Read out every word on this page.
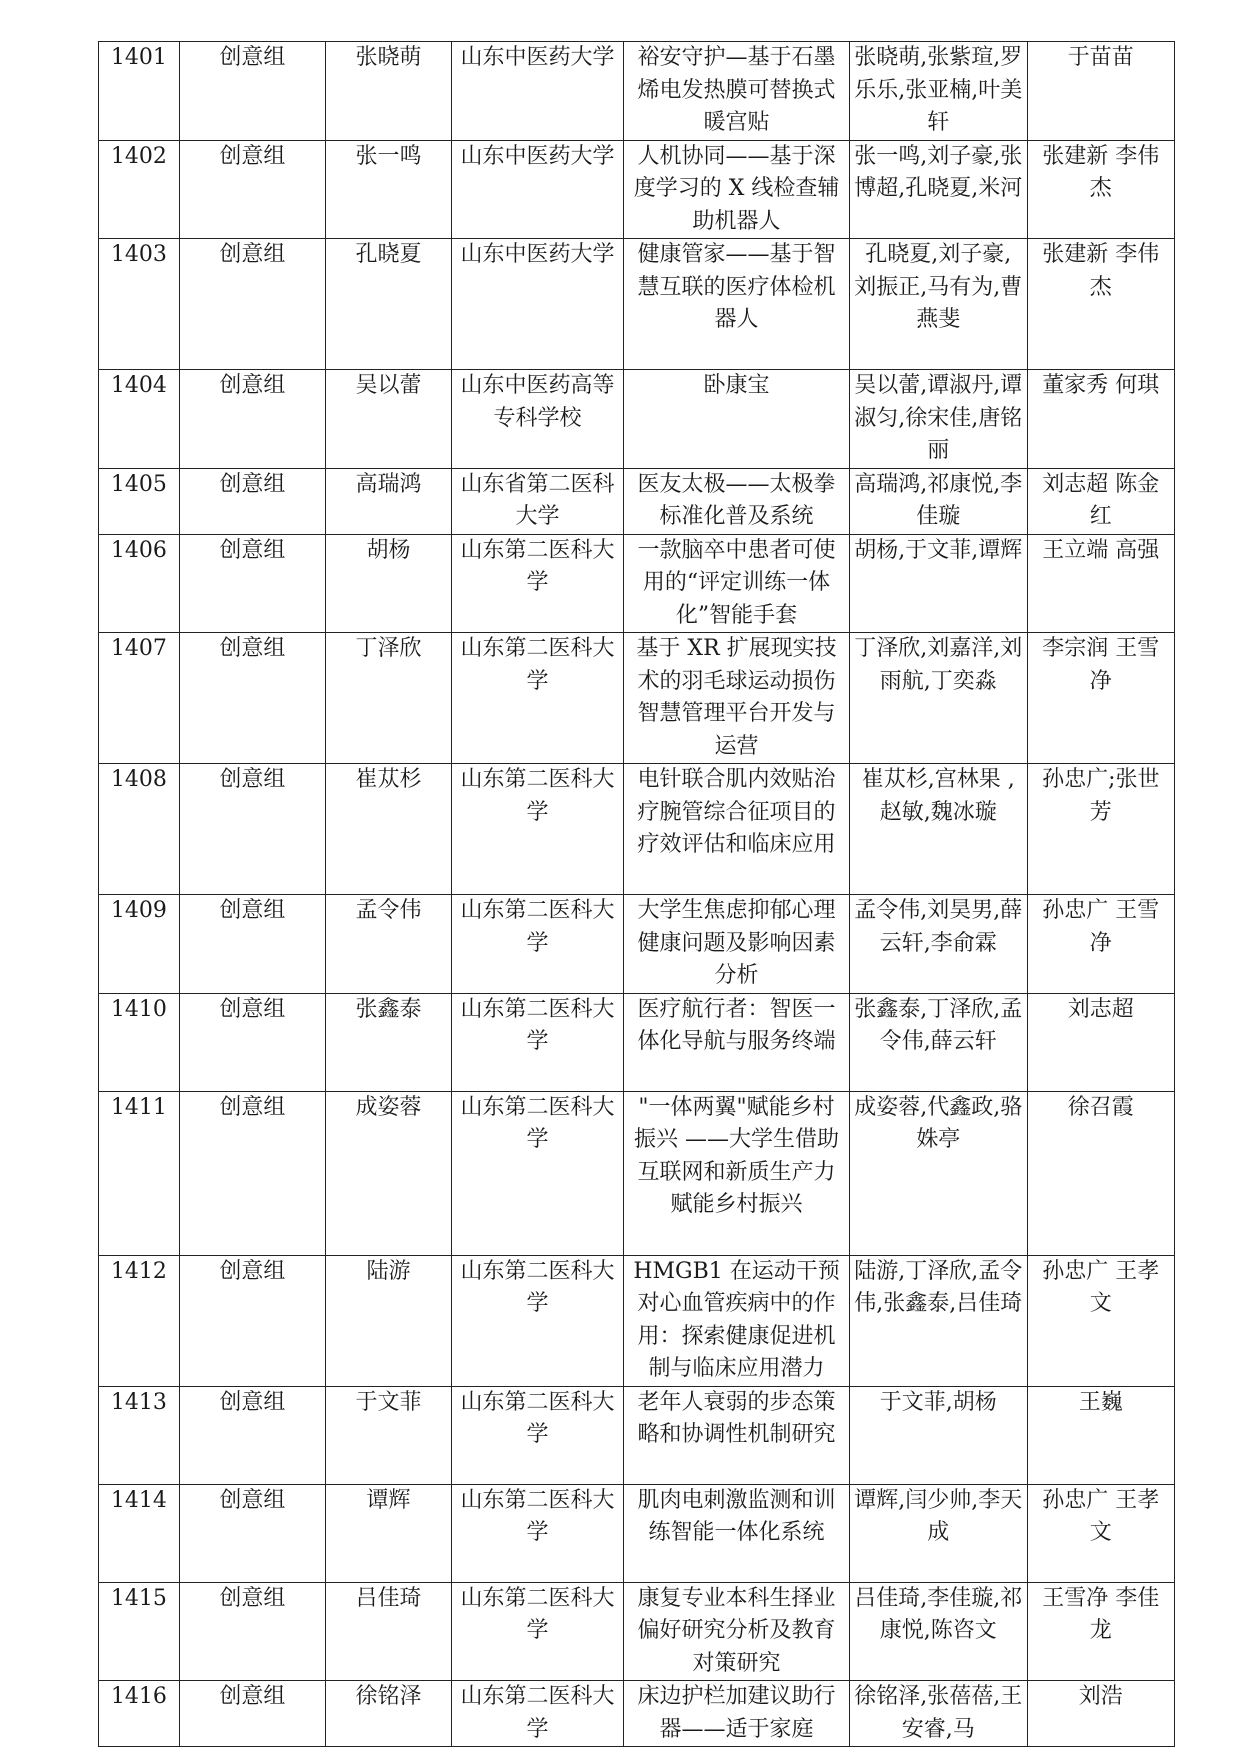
1401	创意组	张晓萌	山东中医药大学	裕安守护—基于石墨烯电发热膜可替换式暖宫贴	张晓萌,张紫瑄,罗乐乐,张亚楠,叶美轩	于苗苗
1402	创意组	张一鸣	山东中医药大学	人机协同——基于深度学习的 X 线检查辅助机器人	张一鸣,刘子豪,张博超,孔晓夏,米河	张建新 李伟杰
1403	创意组	孔晓夏	山东中医药大学	健康管家——基于智慧互联的医疗体检机器人	孔晓夏,刘子豪, 刘振正,马有为,曹燕斐	张建新 李伟杰
1404	创意组	吴以蕾	山东中医药高等专科学校	卧康宝	吴以蕾,谭淑丹,谭淑匀,徐宋佳,唐铭丽	董家秀 何琪
1405	创意组	高瑞鸿	山东省第二医科大学	医友太极——太极拳标准化普及系统	高瑞鸿,祁康悦,李佳璇	刘志超 陈金红
1406	创意组	胡杨	山东第二医科大学	一款脑卒中患者可使用的“评定训练一体化”智能手套	胡杨,于文菲,谭辉	王立端 高强
1407	创意组	丁泽欣	山东第二医科大学	基于 XR 扩展现实技术的羽毛球运动损伤智慧管理平台开发与运营	丁泽欣,刘嘉洋,刘雨航,丁奕淼	李宗润 王雪净
1408	创意组	崔苁杉	山东第二医科大学	电针联合肌内效贴治疗腕管综合征项目的疗效评估和临床应用	崔苁杉,宫林果 ,赵敏,魏冰璇	孙忠广;张世芳
1409	创意组	孟令伟	山东第二医科大学	大学生焦虑抑郁心理健康问题及影响因素分析	孟令伟,刘昊男,薛云轩,李俞霖	孙忠广 王雪净
1410	创意组	张鑫泰	山东第二医科大学	医疗航行者：智医一体化导航与服务终端	张鑫泰,丁泽欣,孟令伟,薛云轩	刘志超
1411	创意组	成姿蓉	山东第二医科大学	"一体两翼"赋能乡村振兴 ——大学生借助互联网和新质生产力赋能乡村振兴	成姿蓉,代鑫政,骆姝亭	徐召霞
1412	创意组	陆游	山东第二医科大学	HMGB1 在运动干预对心血管疾病中的作用：探索健康促进机制与临床应用潜力	陆游,丁泽欣,孟令伟,张鑫泰,吕佳琦	孙忠广 王孝文
1413	创意组	于文菲	山东第二医科大学	老年人衰弱的步态策略和协调性机制研究	于文菲,胡杨	王巍
1414	创意组	谭辉	山东第二医科大学	肌肉电刺激监测和训练智能一体化系统	谭辉,闫少帅,李天成	孙忠广 王孝文
1415	创意组	吕佳琦	山东第二医科大学	康复专业本科生择业偏好研究分析及教育对策研究	吕佳琦,李佳璇,祁康悦,陈咨文	王雪净 李佳龙
1416	创意组	徐铭泽	山东第二医科大学	床边护栏加建议助行器——适于家庭	徐铭泽,张蓓蓓,王安睿,马	刘浩
